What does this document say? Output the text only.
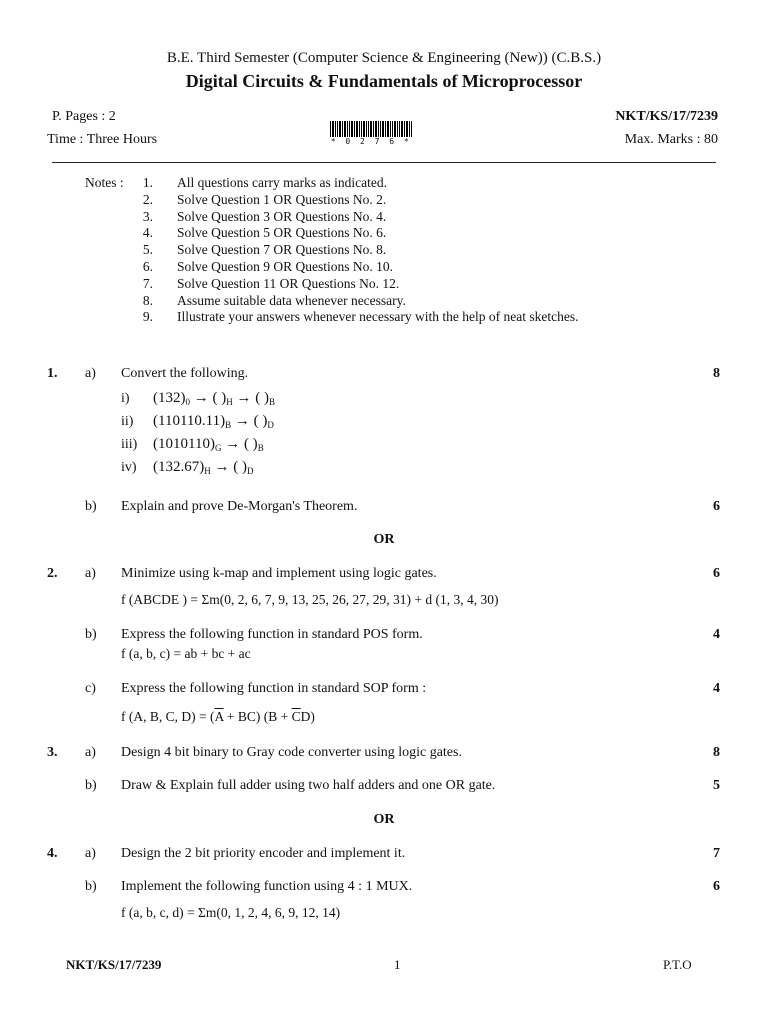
B.E. Third Semester (Computer Science & Engineering (New)) (C.B.S.)
Digital Circuits & Fundamentals of Microprocessor
P. Pages : 2	NKT/KS/17/7239
Time : Three Hours	Max. Marks : 80
* 0 2 7 6 *
Notes :	1. All questions carry marks as indicated.
2. Solve Question 1 OR Questions No. 2.
3. Solve Question 3 OR Questions No. 4.
4. Solve Question 5 OR Questions No. 6.
5. Solve Question 7 OR Questions No. 8.
6. Solve Question 9 OR Questions No. 10.
7. Solve Question 11 OR Questions No. 12.
8. Assume suitable data whenever necessary.
9. Illustrate your answers whenever necessary with the help of neat sketches.
1. a) Convert the following.	8
i) $(132)_0$ → ( )$_H$ → ( )$_B$
ii) $(110110.11)_B$ → ( )$_D$
iii) $(1010110)_G$ → ( )$_B$
iv) $(132.67)_H$ → ( )$_D$
b) Explain and prove De-Morgan's Theorem.	6
OR
2. a) Minimize using k-map and implement using logic gates.	6
f (ABCDE ) = Σm(0, 2, 6, 7, 9, 13, 25, 26, 27, 29, 31) + d (1, 3, 4, 30)
b) Express the following function in standard POS form.	4
f (a, b, c) = ab + bc + ac
c) Express the following function in standard SOP form :	4
f (A, B, C, $D) = (\overline{A} + BC) (B + \overline{C}D)$
3. a) Design 4 bit binary to Gray code converter using logic gates.	8
b) Draw & Explain full adder using two half adders and one OR gate.	5
OR
4. a) Design the 2 bit priority encoder and implement it.	7
b) Implement the following function using 4 : 1 MUX.	6
f (a, b, c, d) = Σm(0, 1, 2, 4, 6, 9, 12, 14)
NKT/KS/17/7239	1	P.T.O
